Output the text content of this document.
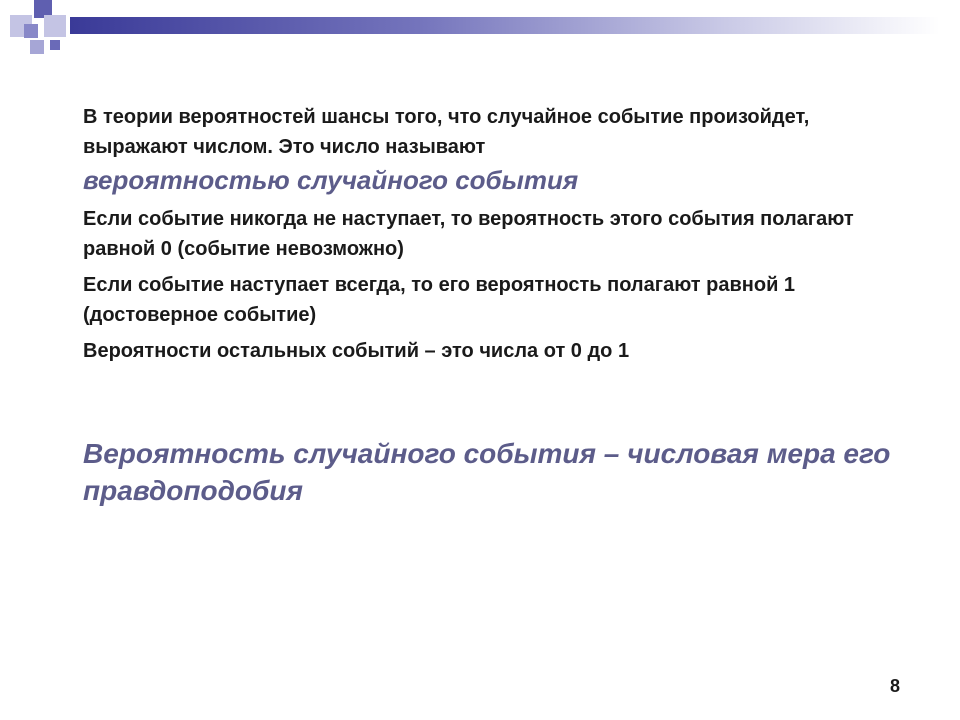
В теории вероятностей шансы того, что случайное событие произойдет, выражают числом. Это число называют
вероятностью случайного события

Если событие никогда не наступает, то вероятность этого события полагают равной 0 (событие невозможно)

Если событие наступает всегда, то его вероятность полагают равной 1 (достоверное событие)

Вероятности остальных событий – это числа от 0 до 1

Вероятность случайного события – числовая мера его правдоподобия
8
